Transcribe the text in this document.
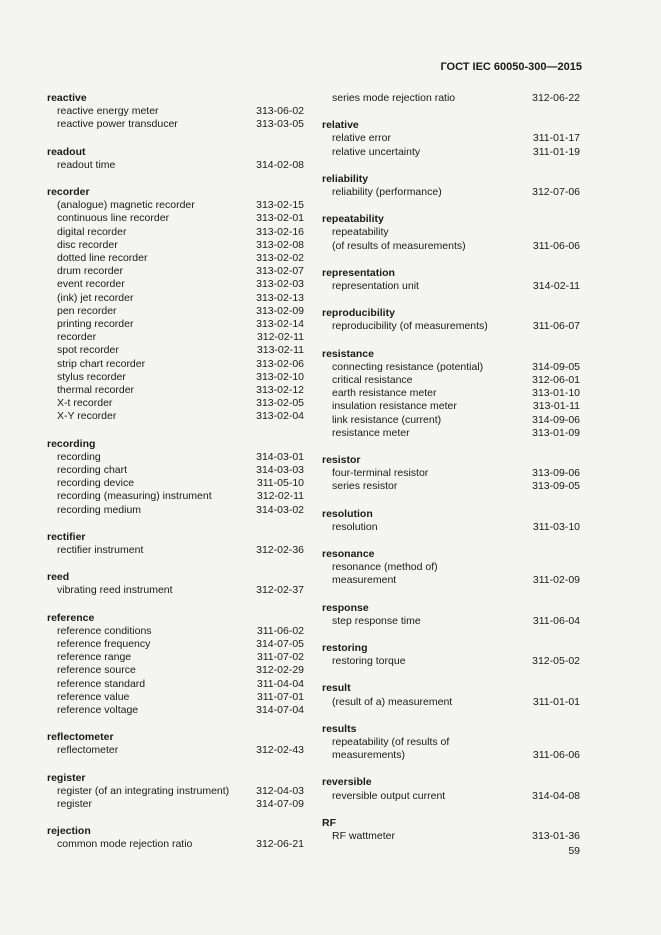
ГОСТ IEC 60050-300—2015
reactive
reactive energy meter	313-06-02
reactive power transducer	313-03-05
readout
readout time	314-02-08
recorder
(analogue) magnetic recorder	313-02-15
continuous line recorder	313-02-01
digital recorder	313-02-16
disc recorder	313-02-08
dotted line recorder	313-02-02
drum recorder	313-02-07
event recorder	313-02-03
(ink) jet recorder	313-02-13
pen recorder	313-02-09
printing recorder	313-02-14
recorder	312-02-11
spot recorder	313-02-11
strip chart recorder	313-02-06
stylus recorder	313-02-10
thermal recorder	313-02-12
X-t recorder	313-02-05
X-Y recorder	313-02-04
recording
recording	314-03-01
recording chart	314-03-03
recording device	311-05-10
recording (measuring) instrument	312-02-11
recording medium	314-03-02
rectifier
rectifier instrument	312-02-36
reed
vibrating reed instrument	312-02-37
reference
reference conditions	311-06-02
reference frequency	314-07-05
reference range	311-07-02
reference source	312-02-29
reference standard	311-04-04
reference value	311-07-01
reference voltage	314-07-04
reflectometer
reflectometer	312-02-43
register
register (of an integrating instrument)	312-04-03
register	314-07-09
rejection
common mode rejection ratio	312-06-21
series mode rejection ratio	312-06-22
relative
relative error	311-01-17
relative uncertainty	311-01-19
reliability
reliability (performance)	312-07-06
repeatability
repeatability
(of results of measurements)	311-06-06
representation
representation unit	314-02-11
reproducibility
reproducibility (of measurements)	311-06-07
resistance
connecting resistance (potential)	314-09-05
critical resistance	312-06-01
earth resistance meter	313-01-10
insulation resistance meter	313-01-11
link resistance (current)	314-09-06
resistance meter	313-01-09
resistor
four-terminal resistor	313-09-06
series resistor	313-09-05
resolution
resolution	311-03-10
resonance
resonance (method of)
measurement	311-02-09
response
step response time	311-06-04
restoring
restoring torque	312-05-02
result
(result of a) measurement	311-01-01
results
repeatability (of results of
measurements)	311-06-06
reversible
reversible output current	314-04-08
RF
RF wattmeter	313-01-36
59
